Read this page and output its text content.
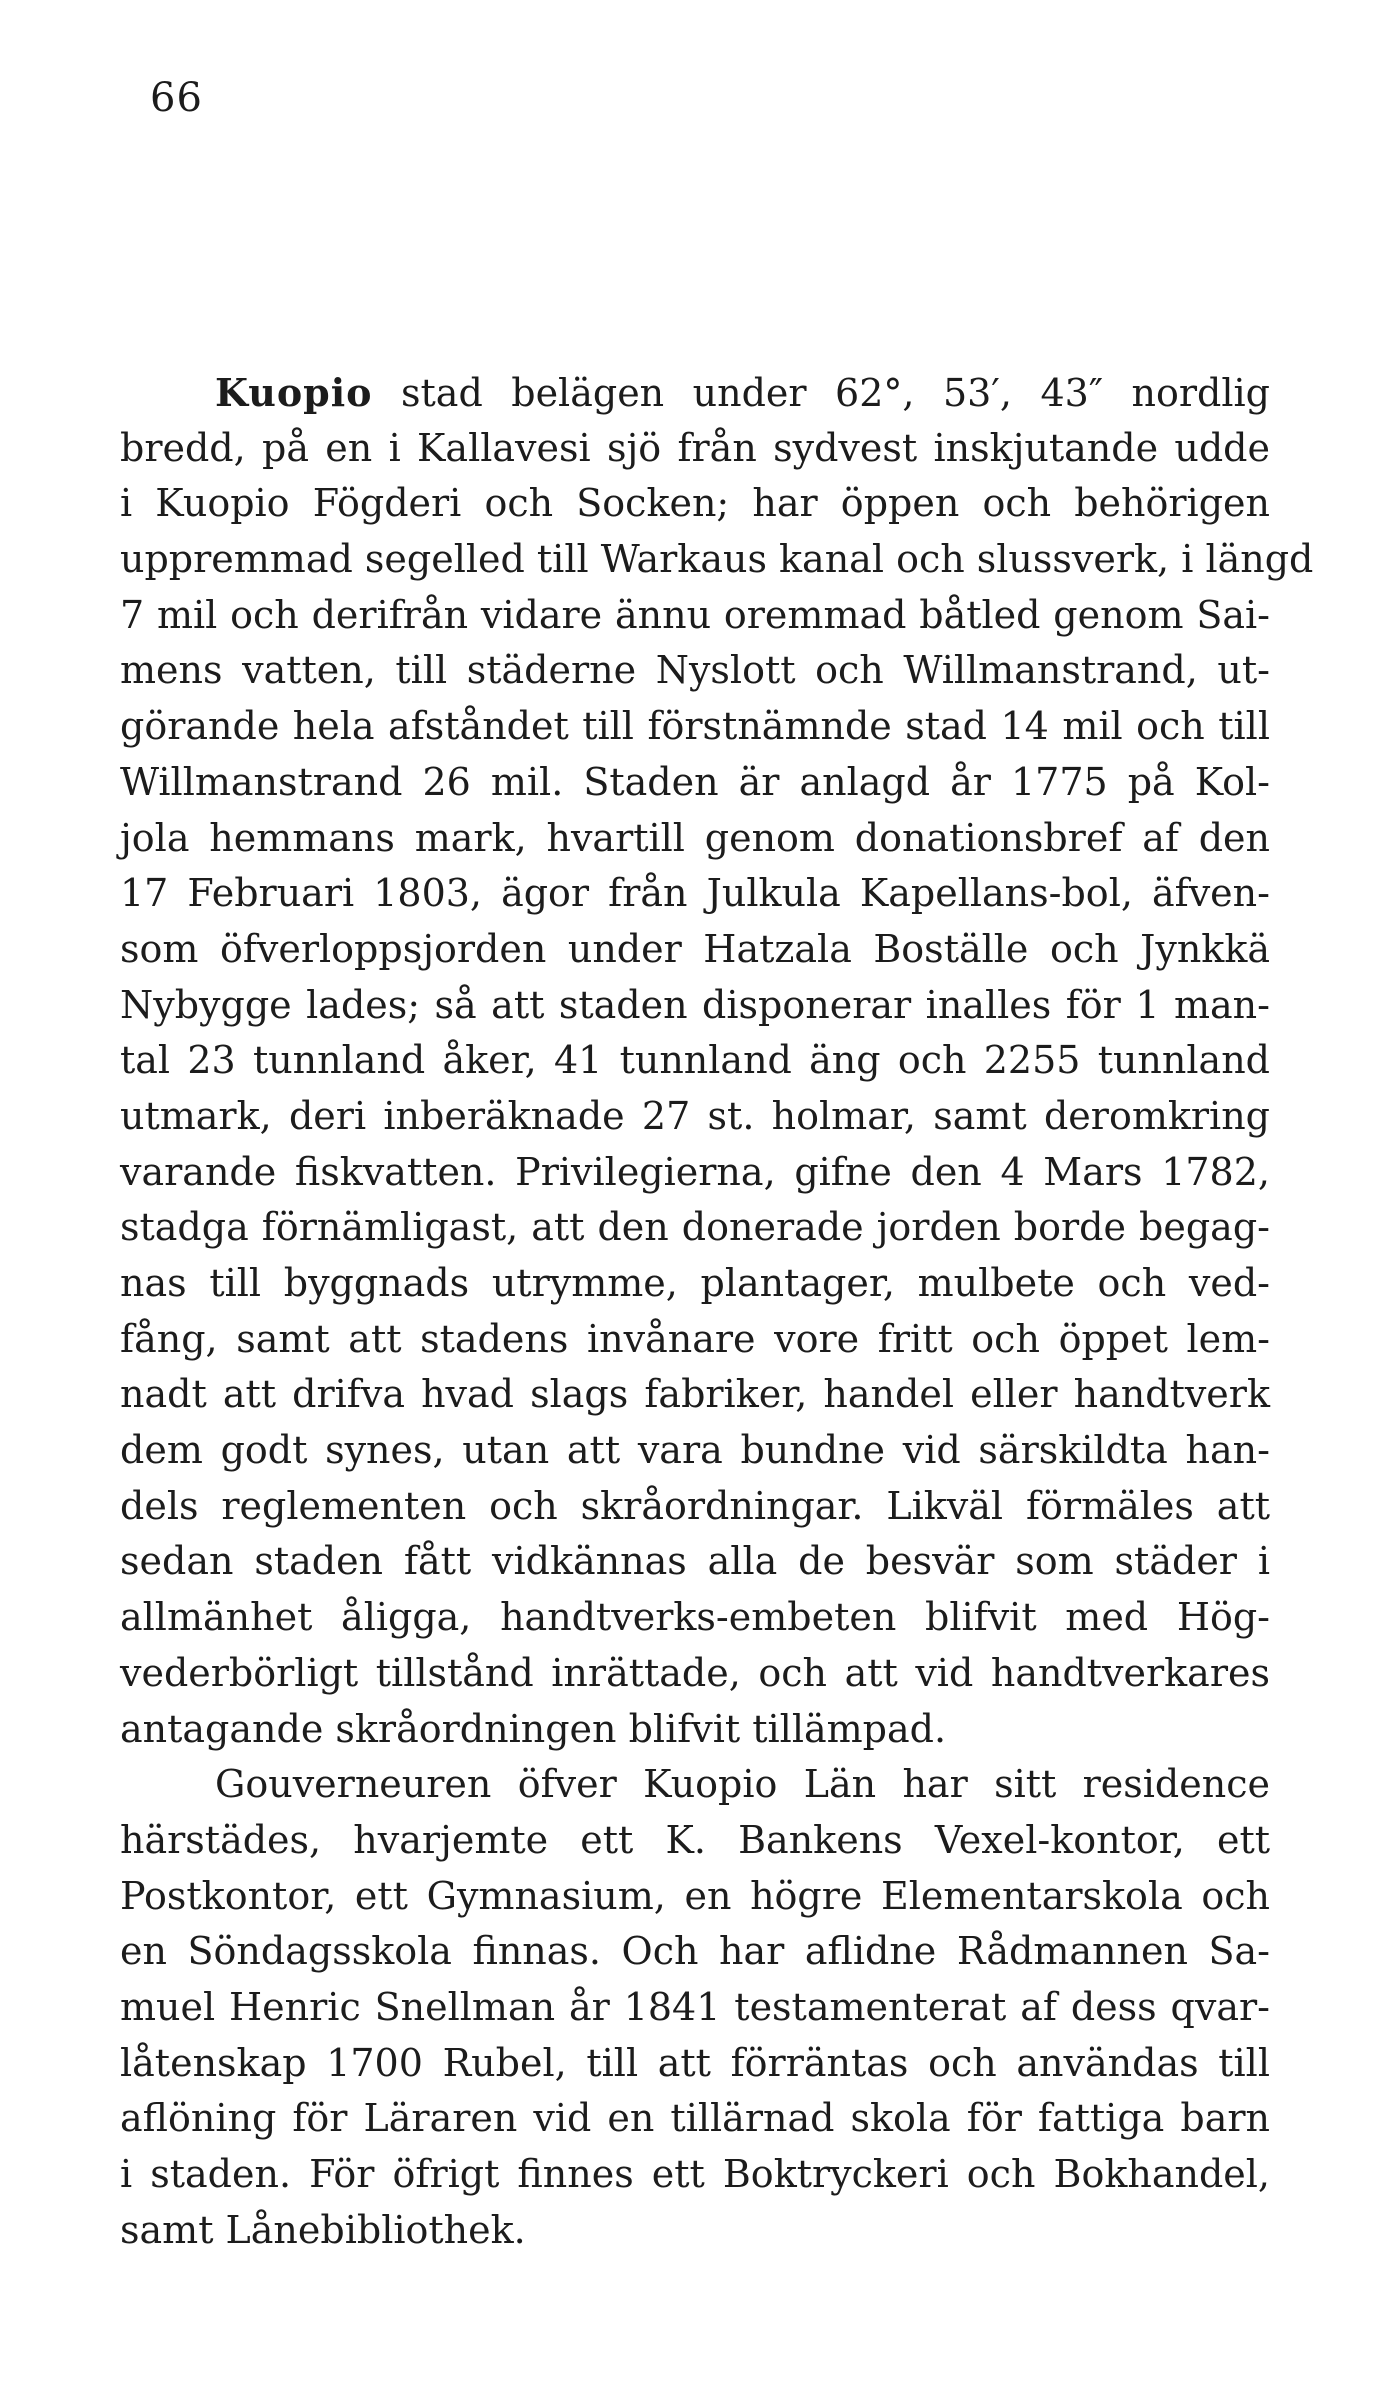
66
Kuopio stad belägen under 62°, 53′, 43″ nordlig
bredd, på en i Kallavesi sjö från sydvest inskjutande udde
i Kuopio Fögderi och Socken; har öppen och behörigen
uppremmad segelled till Warkaus kanal och slussverk, i längd
7 mil och derifrån vidare ännu oremmad båtled genom Sai-
mens vatten, till städerne Nyslott och Willmanstrand, ut-
görande hela afståndet till förstnämnde stad 14 mil och till
Willmanstrand 26 mil. Staden är anlagd år 1775 på Kol-
jola hemmans mark, hvartill genom donationsbref af den
17 Februari 1803, ägor från Julkula Kapellans-bol, äfven-
som öfverloppsjorden under Hatzala Boställe och Jynkkä
Nybygge lades; så att staden disponerar inalles för 1 man-
tal 23 tunnland åker, 41 tunnland äng och 2255 tunnland
utmark, deri inberäknade 27 st. holmar, samt deromkring
varande fiskvatten. Privilegierna, gifne den 4 Mars 1782,
stadga förnämligast, att den donerade jorden borde begag-
nas till byggnads utrymme, plantager, mulbete och ved-
fång, samt att stadens invånare vore fritt och öppet lem-
nadt att drifva hvad slags fabriker, handel eller handtverk
dem godt synes, utan att vara bundne vid särskildta han-
dels reglementen och skråordningar. Likväl förmäles att
sedan staden fått vidkännas alla de besvär som städer i
allmänhet åligga, handtverks-embeten blifvit med Hög-
vederbörligt tillstånd inrättade, och att vid handtverkares
antagande skråordningen blifvit tillämpad.
Gouverneuren öfver Kuopio Län har sitt residence
härstädes, hvarjemte ett K. Bankens Vexel-kontor, ett
Postkontor, ett Gymnasium, en högre Elementarskola och
en Söndagsskola finnas. Och har aflidne Rådmannen Sa-
muel Henric Snellman år 1841 testamenterat af dess qvar-
låtenskap 1700 Rubel, till att förräntas och användas till
aflöning för Läraren vid en tillärnad skola för fattiga barn
i staden. För öfrigt finnes ett Boktryckeri och Bokhandel,
samt Lånebibliothek.
